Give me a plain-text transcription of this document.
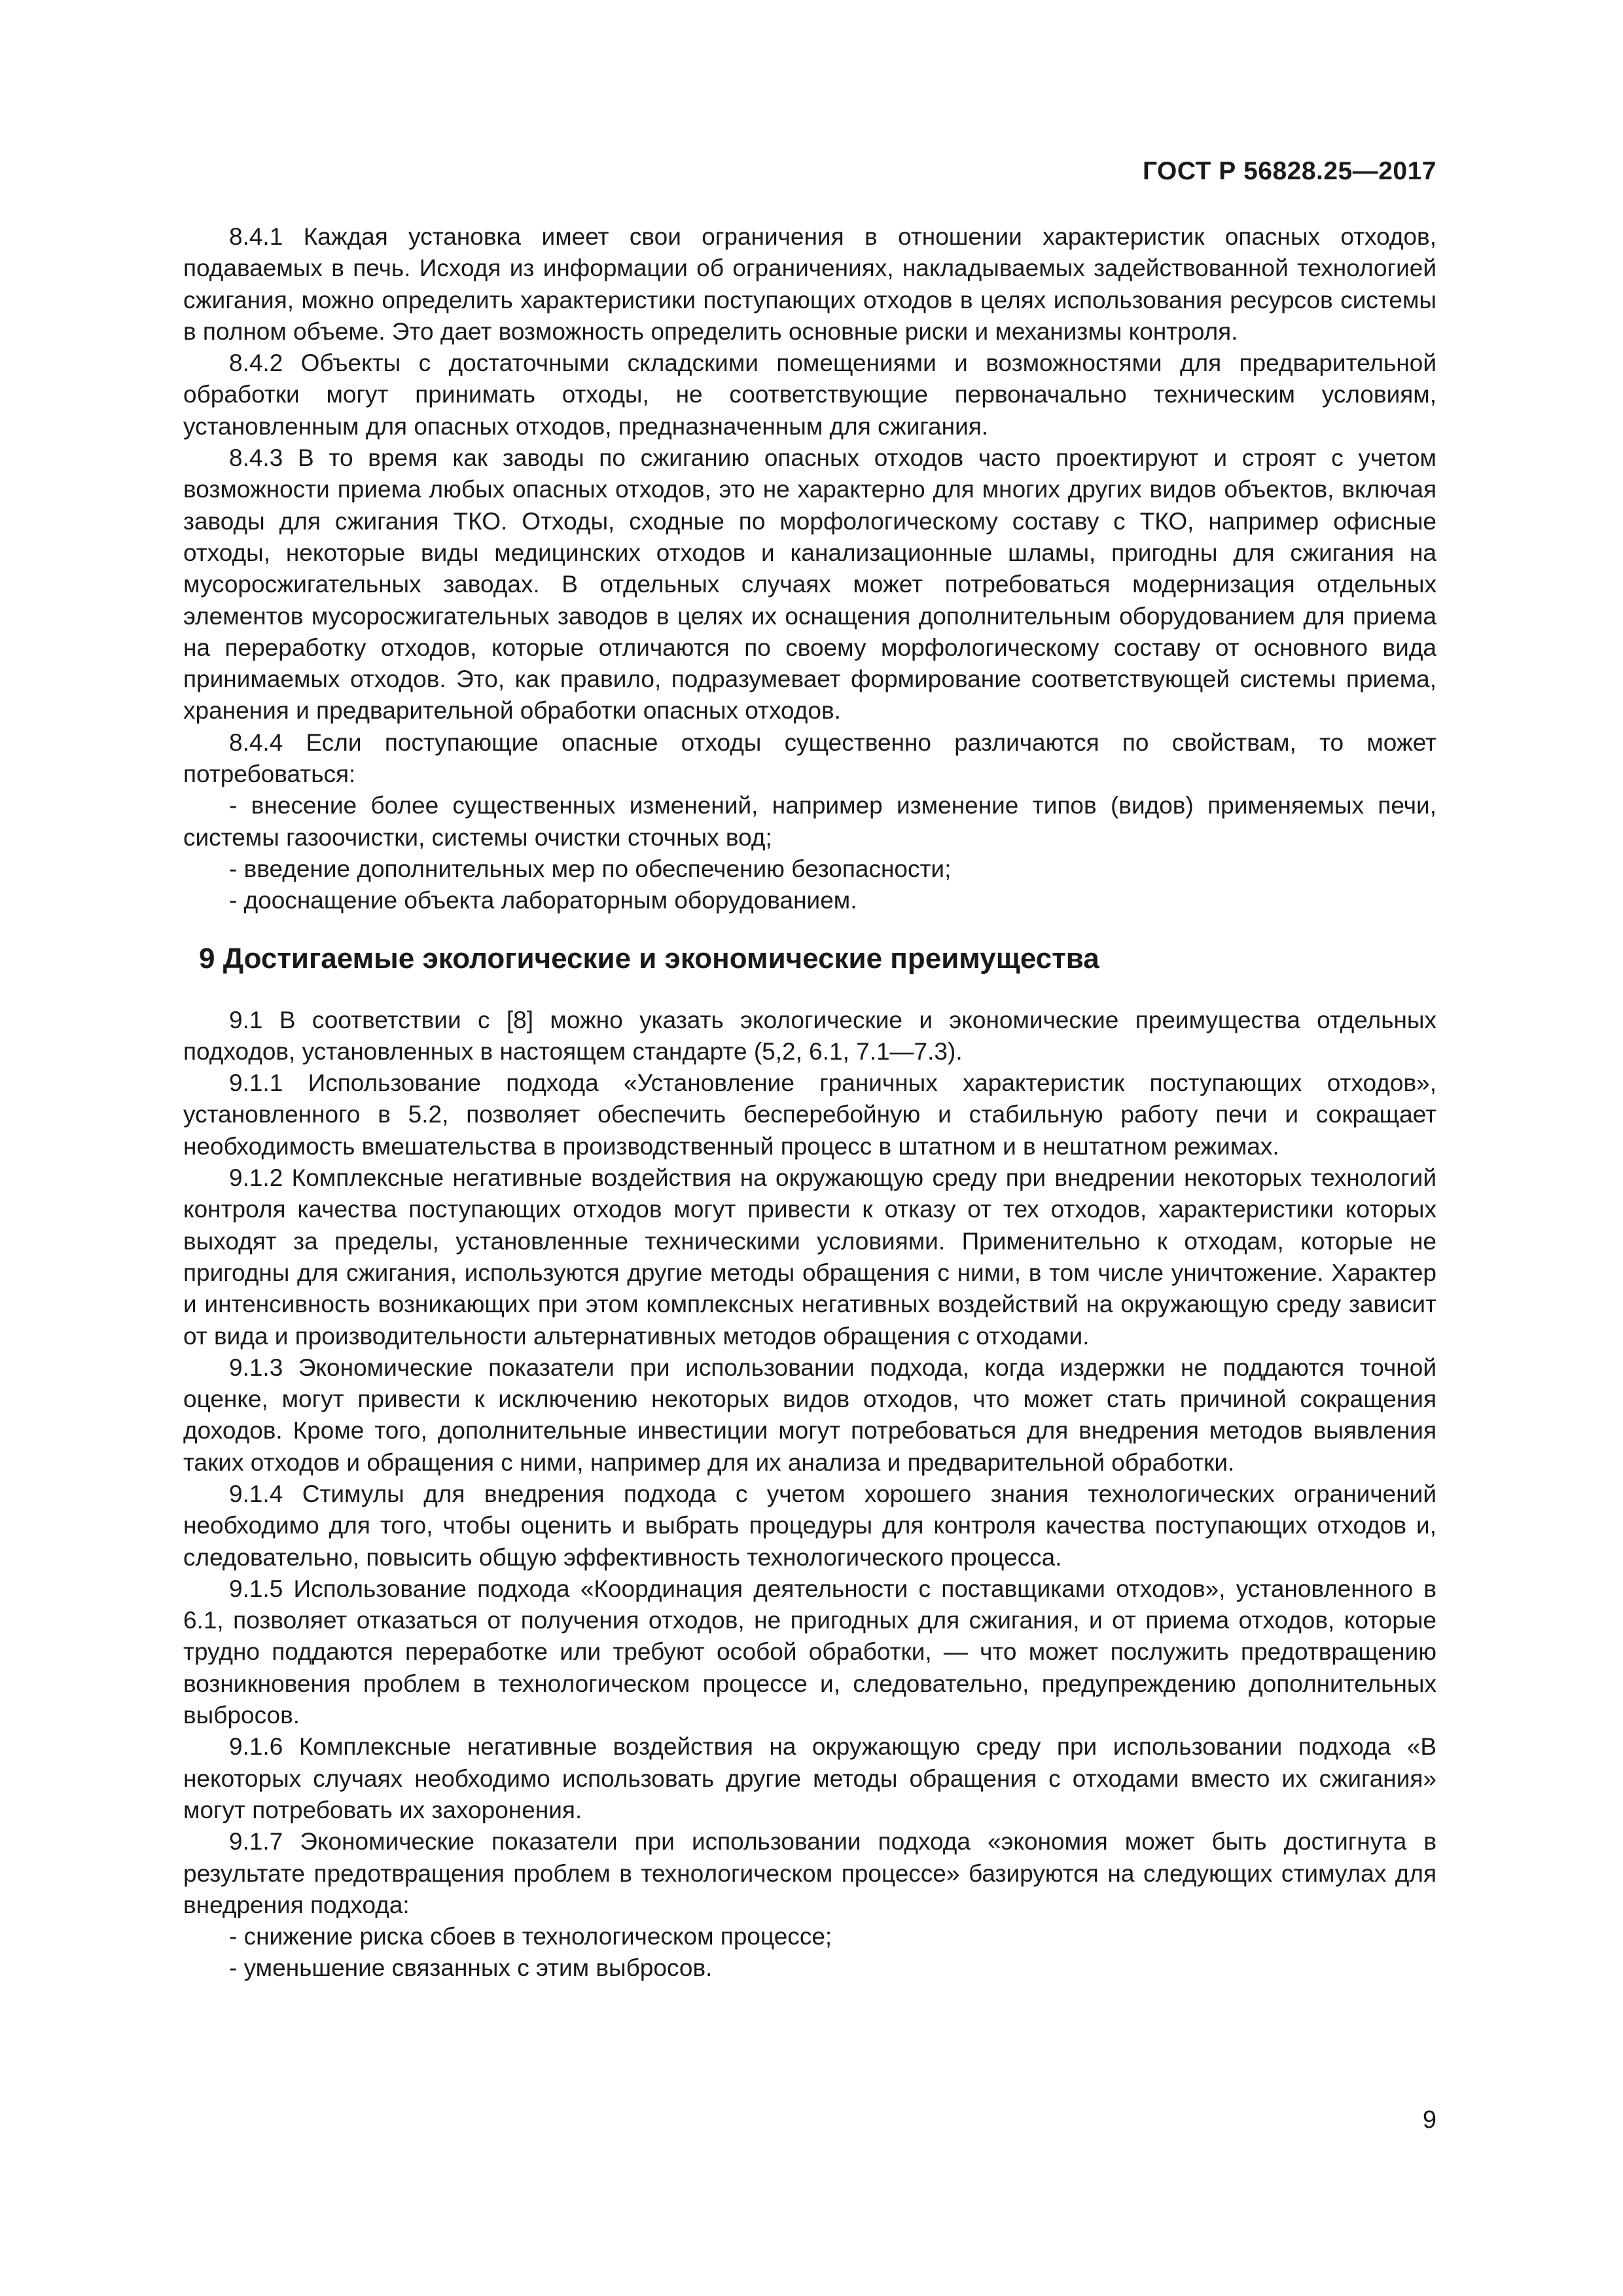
ГОСТ Р 56828.25—2017

8.4.1 Каждая установка имеет свои ограничения в отношении характеристик опасных отходов, подаваемых в печь. Исходя из информации об ограничениях, накладываемых задействованной технологией сжигания, можно определить характеристики поступающих отходов в целях использования ресурсов системы в полном объеме. Это дает возможность определить основные риски и механизмы контроля.

8.4.2 Объекты с достаточными складскими помещениями и возможностями для предварительной обработки могут принимать отходы, не соответствующие первоначально техническим условиям, установленным для опасных отходов, предназначенным для сжигания.

8.4.3 В то время как заводы по сжиганию опасных отходов часто проектируют и строят с учетом возможности приема любых опасных отходов, это не характерно для многих других видов объектов, включая заводы для сжигания ТКО. Отходы, сходные по морфологическому составу с ТКО, например офисные отходы, некоторые виды медицинских отходов и канализационные шламы, пригодны для сжигания на мусоросжигательных заводах. В отдельных случаях может потребоваться модернизация отдельных элементов мусоросжигательных заводов в целях их оснащения дополнительным оборудованием для приема на переработку отходов, которые отличаются по своему морфологическому составу от основного вида принимаемых отходов. Это, как правило, подразумевает формирование соответствующей системы приема, хранения и предварительной обработки опасных отходов.

8.4.4 Если поступающие опасные отходы существенно различаются по свойствам, то может потребоваться:

- внесение более существенных изменений, например изменение типов (видов) применяемых печи, системы газоочистки, системы очистки сточных вод;

- введение дополнительных мер по обеспечению безопасности;

- дооснащение объекта лабораторным оборудованием.

9 Достигаемые экологические и экономические преимущества

9.1 В соответствии с [8] можно указать экологические и экономические преимущества отдельных подходов, установленных в настоящем стандарте (5,2, 6.1, 7.1—7.3).

9.1.1 Использование подхода «Установление граничных характеристик поступающих отходов», установленного в 5.2, позволяет обеспечить бесперебойную и стабильную работу печи и сокращает необходимость вмешательства в производственный процесс в штатном и в нештатном режимах.

9.1.2 Комплексные негативные воздействия на окружающую среду при внедрении некоторых технологий контроля качества поступающих отходов могут привести к отказу от тех отходов, характеристики которых выходят за пределы, установленные техническими условиями. Применительно к отходам, которые не пригодны для сжигания, используются другие методы обращения с ними, в том числе уничтожение. Характер и интенсивность возникающих при этом комплексных негативных воздействий на окружающую среду зависит от вида и производительности альтернативных методов обращения с отходами.

9.1.3 Экономические показатели при использовании подхода, когда издержки не поддаются точной оценке, могут привести к исключению некоторых видов отходов, что может стать причиной сокращения доходов. Кроме того, дополнительные инвестиции могут потребоваться для внедрения методов выявления таких отходов и обращения с ними, например для их анализа и предварительной обработки.

9.1.4 Стимулы для внедрения подхода с учетом хорошего знания технологических ограничений необходимо для того, чтобы оценить и выбрать процедуры для контроля качества поступающих отходов и, следовательно, повысить общую эффективность технологического процесса.

9.1.5 Использование подхода «Координация деятельности с поставщиками отходов», установленного в 6.1, позволяет отказаться от получения отходов, не пригодных для сжигания, и от приема отходов, которые трудно поддаются переработке или требуют особой обработки, — что может послужить предотвращению возникновения проблем в технологическом процессе и, следовательно, предупреждению дополнительных выбросов.

9.1.6 Комплексные негативные воздействия на окружающую среду при использовании подхода «В некоторых случаях необходимо использовать другие методы обращения с отходами вместо их сжигания» могут потребовать их захоронения.

9.1.7 Экономические показатели при использовании подхода «экономия может быть достигнута в результате предотвращения проблем в технологическом процессе» базируются на следующих стимулах для внедрения подхода:

- снижение риска сбоев в технологическом процессе;

- уменьшение связанных с этим выбросов.

9
